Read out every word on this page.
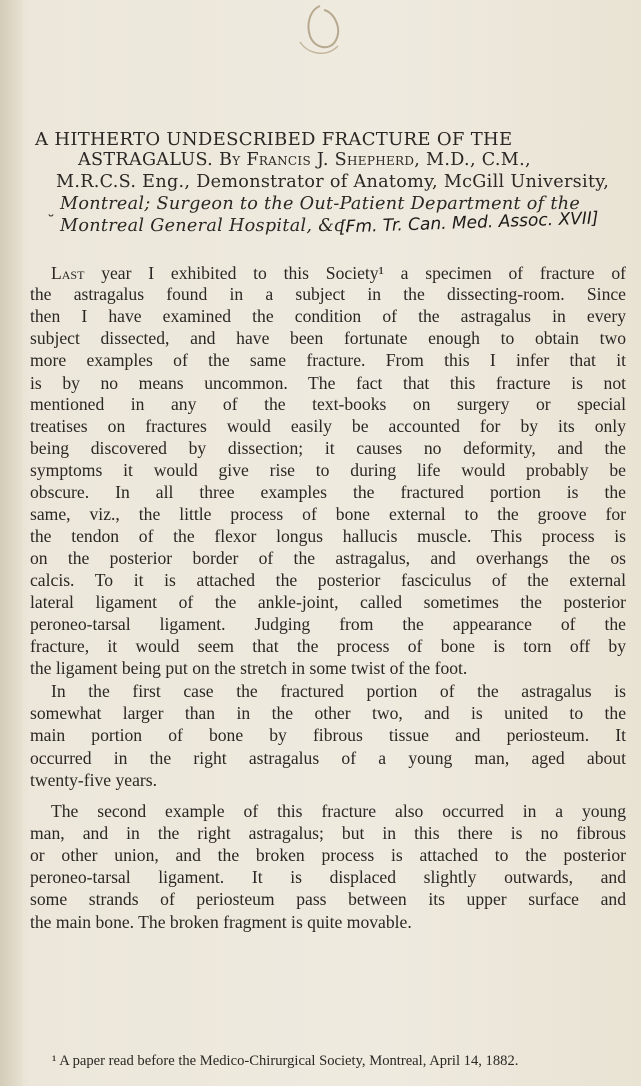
A HITHERTO UNDESCRIBED FRACTURE OF THE
ASTRAGALUS. By Francis J. Shepherd, M.D., C.M.,
M.R.C.S. Eng., Demonstrator of Anatomy, McGill University,
Montreal; Surgeon to the Out-Patient Department of the
Montreal General Hospital, &c.
[Fm. Tr. Can. Med. Assoc. XVII]
˘
Last year I exhibited to this Society¹ a specimen of fracture of
the astragalus found in a subject in the dissecting-room. Since
then I have examined the condition of the astragalus in every
subject dissected, and have been fortunate enough to obtain two
more examples of the same fracture. From this I infer that it
is by no means uncommon. The fact that this fracture is not
mentioned in any of the text-books on surgery or special
treatises on fractures would easily be accounted for by its only
being discovered by dissection; it causes no deformity, and the
symptoms it would give rise to during life would probably be
obscure. In all three examples the fractured portion is the
same, viz., the little process of bone external to the groove for
the tendon of the flexor longus hallucis muscle. This process is
on the posterior border of the astragalus, and overhangs the os
calcis. To it is attached the posterior fasciculus of the external
lateral ligament of the ankle-joint, called sometimes the posterior
peroneo-tarsal ligament. Judging from the appearance of the
fracture, it would seem that the process of bone is torn off by
the ligament being put on the stretch in some twist of the foot.
In the first case the fractured portion of the astragalus is
somewhat larger than in the other two, and is united to the
main portion of bone by fibrous tissue and periosteum. It
occurred in the right astragalus of a young man, aged about
twenty-five years.
The second example of this fracture also occurred in a young
man, and in the right astragalus; but in this there is no fibrous
or other union, and the broken process is attached to the posterior
peroneo-tarsal ligament. It is displaced slightly outwards, and
some strands of periosteum pass between its upper surface and
the main bone. The broken fragment is quite movable.
¹ A paper read before the Medico-Chirurgical Society, Montreal, April 14, 1882.
